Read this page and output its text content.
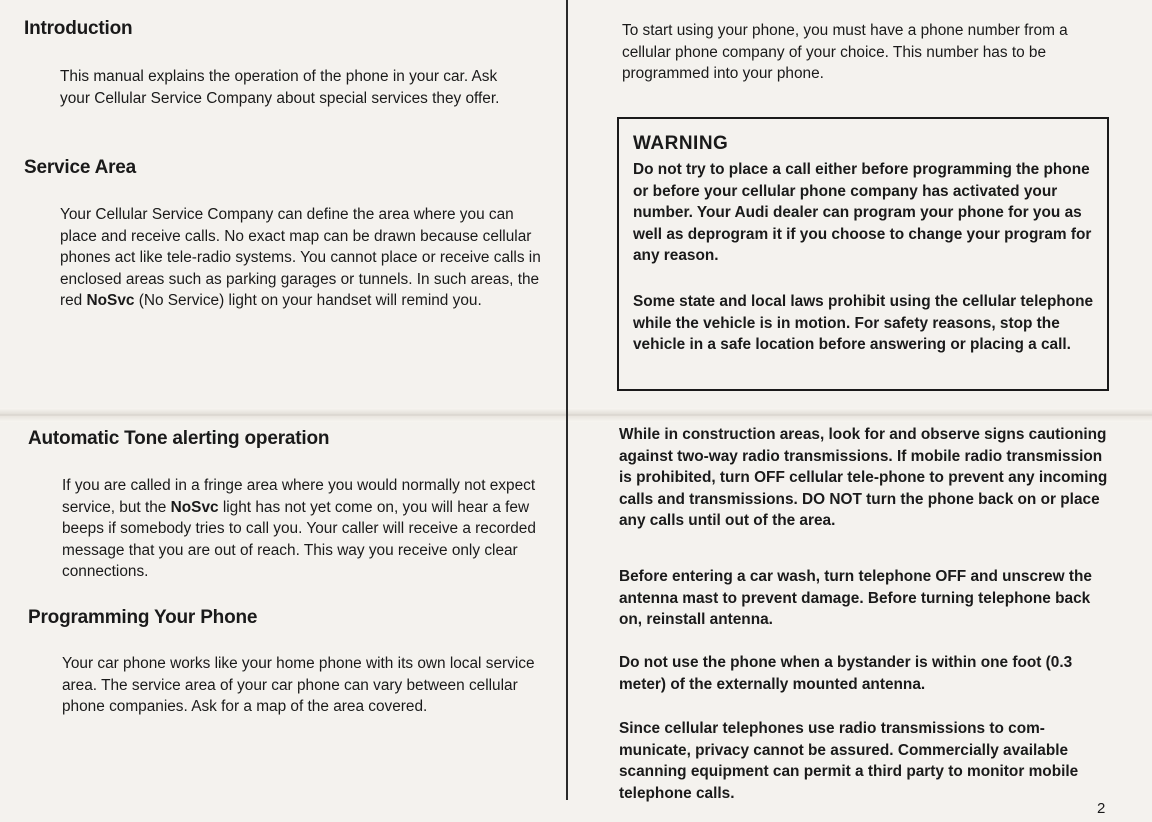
Introduction

This manual explains the operation of the phone in your car. Ask your Cellular Service Company about special services they offer.

Service Area

Your Cellular Service Company can define the area where you can place and receive calls. No exact map can be drawn because cellular phones act like tele-radio systems. You cannot place or receive calls in enclosed areas such as parking garages or tunnels. In such areas, the red NoSvc (No Service) light on your handset will remind you.

Automatic Tone alerting operation

If you are called in a fringe area where you would normally not expect service, but the NoSvc light has not yet come on, you will hear a few beeps if somebody tries to call you. Your caller will receive a recorded message that you are out of reach. This way you receive only clear connections.

Programming Your Phone

Your car phone works like your home phone with its own local service area. The service area of your car phone can vary between cellular phone companies. Ask for a map of the area covered.

To start using your phone, you must have a phone number from a cellular phone company of your choice. This number has to be programmed into your phone.

WARNING

Do not try to place a call either before programming the phone or before your cellular phone company has activated your number. Your Audi dealer can program your phone for you as well as deprogram it if you choose to change your program for any reason.

Some state and local laws prohibit using the cellular telephone while the vehicle is in motion. For safety reasons, stop the vehicle in a safe location before answering or placing a call.

While in construction areas, look for and observe signs cautioning against two-way radio transmissions. If mobile radio transmission is prohibited, turn OFF cellular tele-phone to prevent any incoming calls and transmissions. DO NOT turn the phone back on or place any calls until out of the area.

Before entering a car wash, turn telephone OFF and unscrew the antenna mast to prevent damage. Before turning telephone back on, reinstall antenna.

Do not use the phone when a bystander is within one foot (0.3 meter) of the externally mounted antenna.

Since cellular telephones use radio transmissions to com-municate, privacy cannot be assured. Commercially available scanning equipment can permit a third party to monitor mobile telephone calls.

2
